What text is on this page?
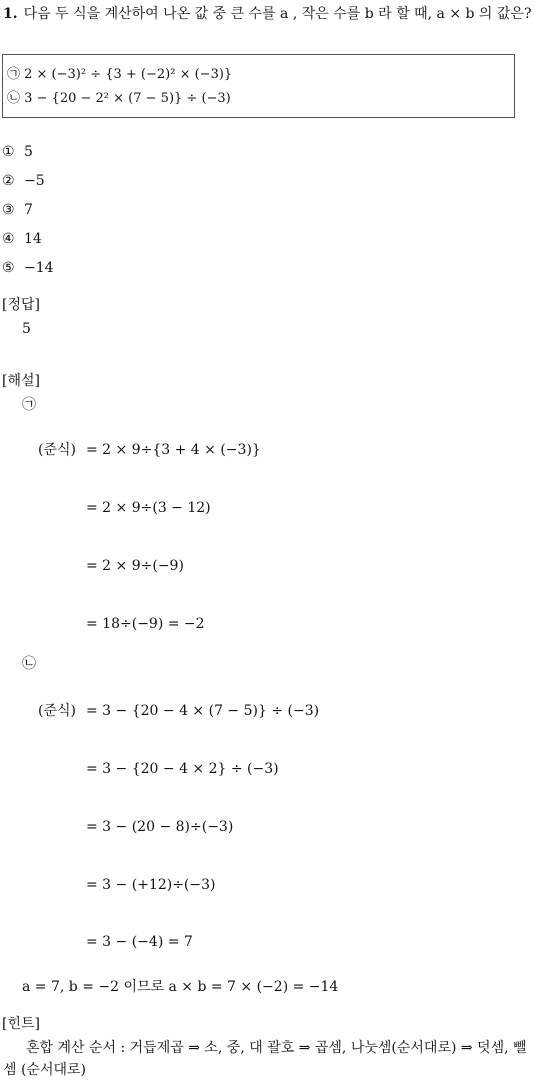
1. 다음 두 식을 계산하여 나온 값 중 큰 수를 a , 작은 수를 b 라 할 때, a × b 의 값은?
㉠ 2 × (−3)² ÷ {3 + (−2)² × (−3)}
㉡ 3 − {20 − 2² × (7 − 5)} ÷ (−3)
① 5
② −5
③ 7
④ 14
⑤ −14
[정답]
5
[해설]
㉠
(준식) = 2 × 9÷{3 + 4 × (−3)}
= 2 × 9÷(3 − 12)
= 2 × 9÷(−9)
= 18÷(−9) = −2
㉡
(준식) = 3 − {20 − 4 × (7 − 5)} ÷ (−3)
= 3 − {20 − 4 × 2} ÷ (−3)
= 3 − (20 − 8)÷(−3)
= 3 − (+12)÷(−3)
= 3 − (−4) = 7
a = 7, b = −2 이므로 a × b = 7 × (−2) = −14
[힌트]
혼합 계산 순서 : 거듭제곱 ⇒ 소, 중, 대 괄호 ⇒ 곱셈, 나눗셈(순서대로) ⇒ 덧셈, 뺄셈 (순서대로)
